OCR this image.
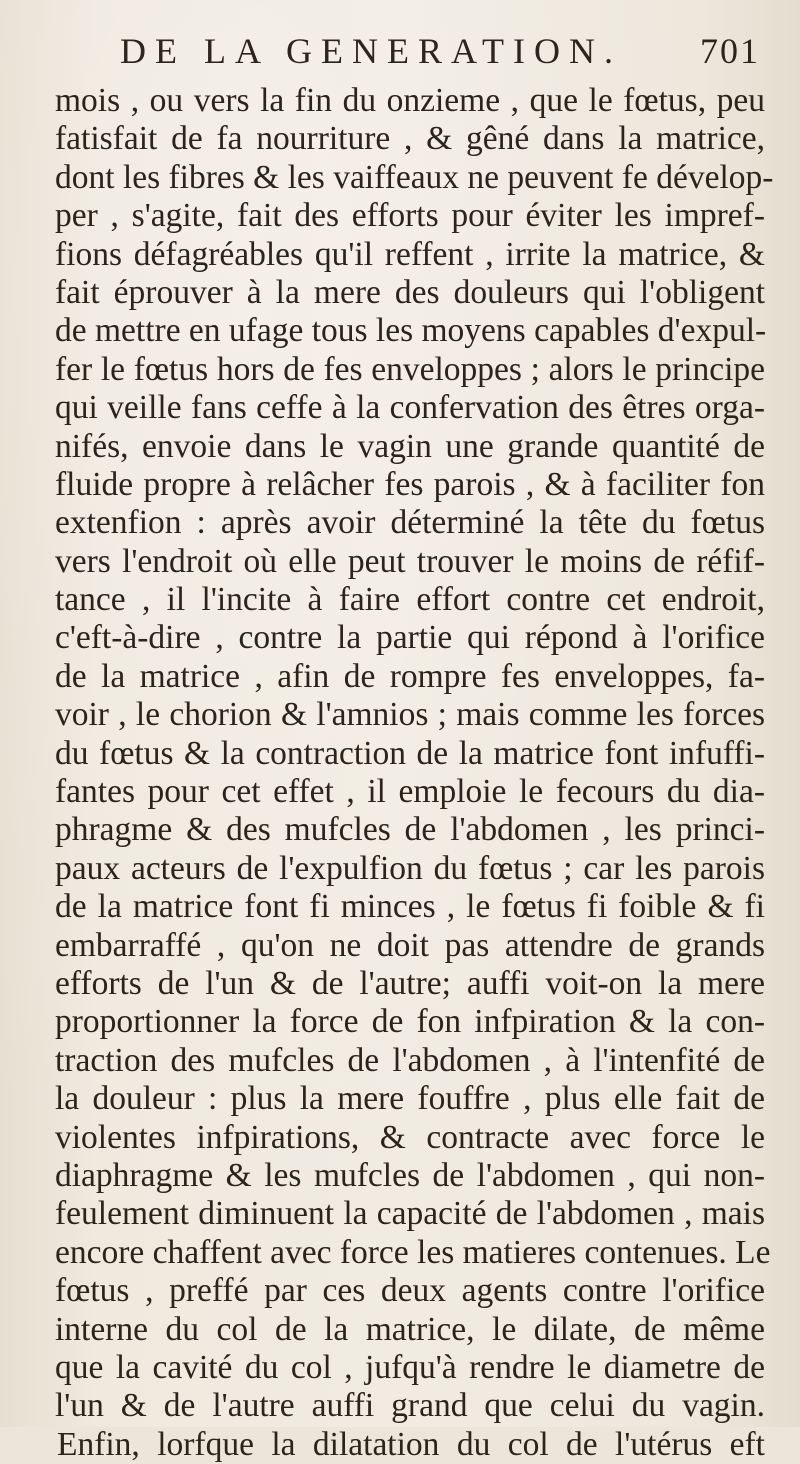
DE LA GENERATION. 701
mois , ou vers la fin du onzieme , que le fœtus, peu
fatisfait de fa nourriture , & gêné dans la matrice,
dont les fibres & les vaiffeaux ne peuvent fe dévelop-
per , s'agite, fait des efforts pour éviter les impref-
fions défagréables qu'il reffent , irrite la matrice, &
fait éprouver à la mere des douleurs qui l'obligent
de mettre en ufage tous les moyens capables d'expul-
fer le fœtus hors de fes enveloppes ; alors le principe
qui veille fans ceffe à la confervation des êtres orga-
nifés, envoie dans le vagin une grande quantité de
fluide propre à relâcher fes parois , & à faciliter fon
extenfion : après avoir déterminé la tête du fœtus
vers l'endroit où elle peut trouver le moins de réfif-
tance , il l'incite à faire effort contre cet endroit,
c'eft-à-dire , contre la partie qui répond à l'orifice
de la matrice , afin de rompre fes enveloppes, fa-
voir , le chorion & l'amnios ; mais comme les forces
du fœtus & la contraction de la matrice font infuffi-
fantes pour cet effet , il emploie le fecours du dia-
phragme & des mufcles de l'abdomen , les princi-
paux acteurs de l'expulfion du fœtus ; car les parois
de la matrice font fi minces , le fœtus fi foible & fi
embarraffé , qu'on ne doit pas attendre de grands
efforts de l'un & de l'autre; auffi voit-on la mere
proportionner la force de fon infpiration & la con-
traction des mufcles de l'abdomen , à l'intenfité de
la douleur : plus la mere fouffre , plus elle fait de
violentes infpirations, & contracte avec force le
diaphragme & les mufcles de l'abdomen , qui non-
feulement diminuent la capacité de l'abdomen , mais
encore chaffent avec force les matieres contenues. Le
fœtus , preffé par ces deux agents contre l'orifice
interne du col de la matrice, le dilate, de même
que la cavité du col , jufqu'à rendre le diametre de
l'un & de l'autre auffi grand que celui du vagin.
Enfin, lorfque la dilatation du col de l'utérus eft
